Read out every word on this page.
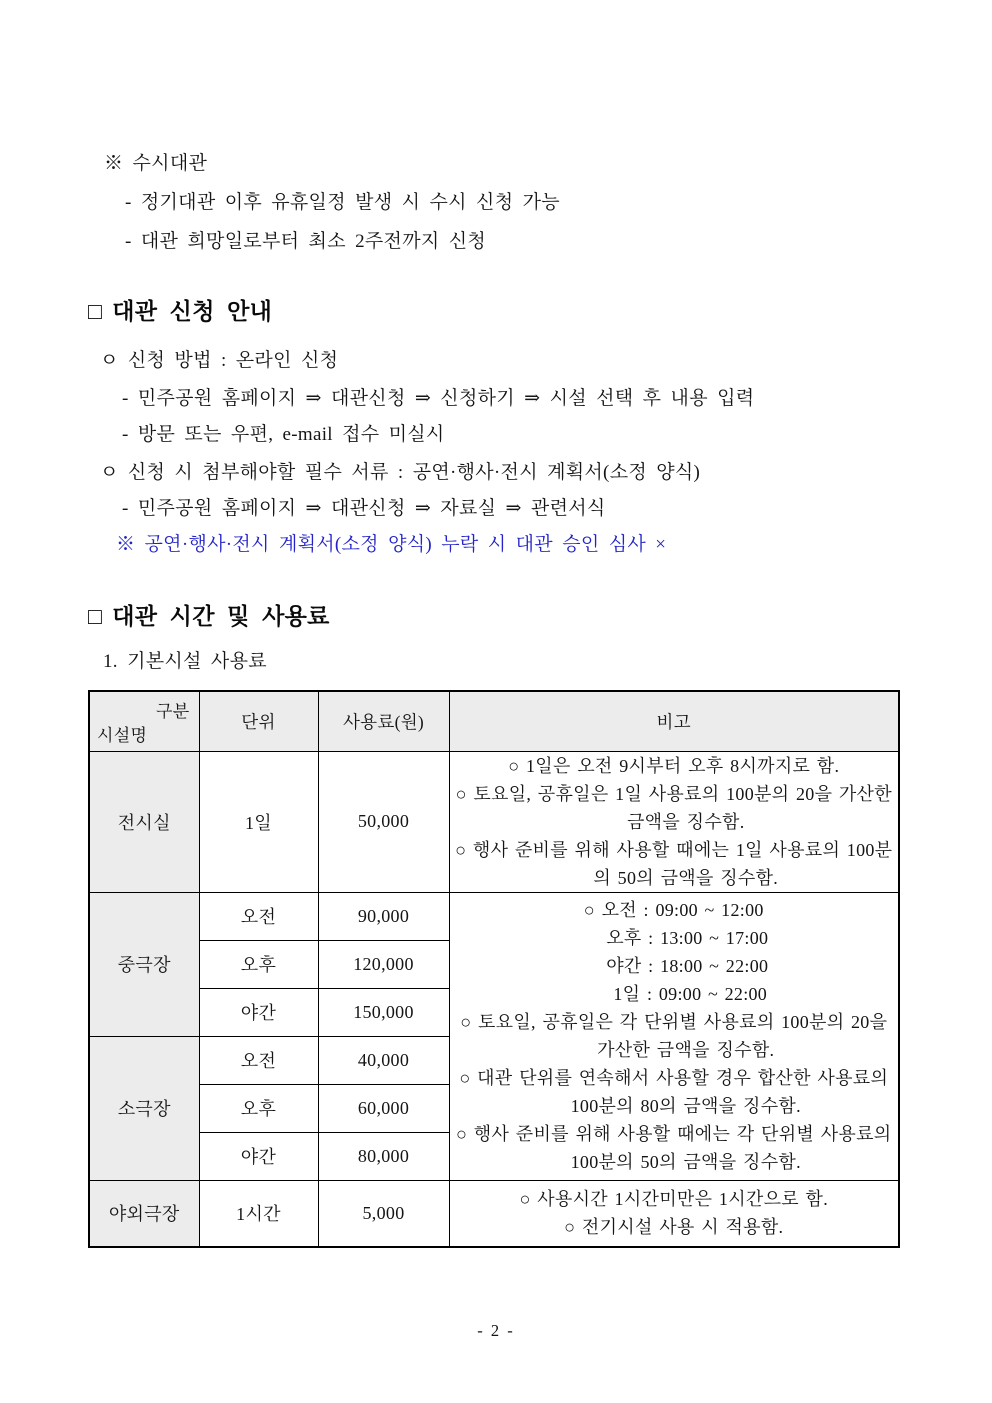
※ 수시대관
- 정기대관 이후 유휴일정 발생 시 수시 신청 가능
- 대관 희망일로부터 최소 2주전까지 신청
□ 대관 신청 안내
ㅇ 신청 방법 : 온라인 신청
- 민주공원 홈페이지 ⇒ 대관신청 ⇒ 신청하기 ⇒ 시설 선택 후 내용 입력
- 방문 또는 우편, e-mail 접수 미실시
ㅇ 신청 시 첨부해야할 필수 서류 : 공연·행사·전시 계획서(소정 양식)
- 민주공원 홈페이지 ⇒ 대관신청 ⇒ 자료실 ⇒ 관련서식
※ 공연·행사·전시 계획서(소정 양식) 누락 시 대관 승인 심사 ×
□ 대관 시간 및 사용료
1. 기본시설 사용료
구분
시설명	단위	사용료(원)	비고
전시실	1일	50,000	○ 1일은 오전 9시부터 오후 8시까지로 함.

○ 토요일, 공휴일은 1일 사용료의 100분의 20을 가산한 금액을 징수함.

○ 행사 준비를 위해 사용할 때에는 1일 사용료의 100분의 50의 금액을 징수함.

중극장	오전	90,000	○ 오전 : 09:00 ~ 12:00

오후 : 13:00 ~ 17:00

야간 : 18:00 ~ 22:00

1일 : 09:00 ~ 22:00

○ 토요일, 공휴일은 각 단위별 사용료의 100분의 20을 가산한 금액을 징수함.

○ 대관 단위를 연속해서 사용할 경우 합산한 사용료의 100분의 80의 금액을 징수함.

○ 행사 준비를 위해 사용할 때에는 각 단위별 사용료의 100분의 50의 금액을 징수함.

	오후	120,000	
	야간	150,000	
소극장	오전	40,000	
	오후	60,000	
	야간	80,000	
야외극장	1시간	5,000	○ 사용시간 1시간미만은 1시간으로 함.

○ 전기시설 사용 시 적용함.

- 2 -
